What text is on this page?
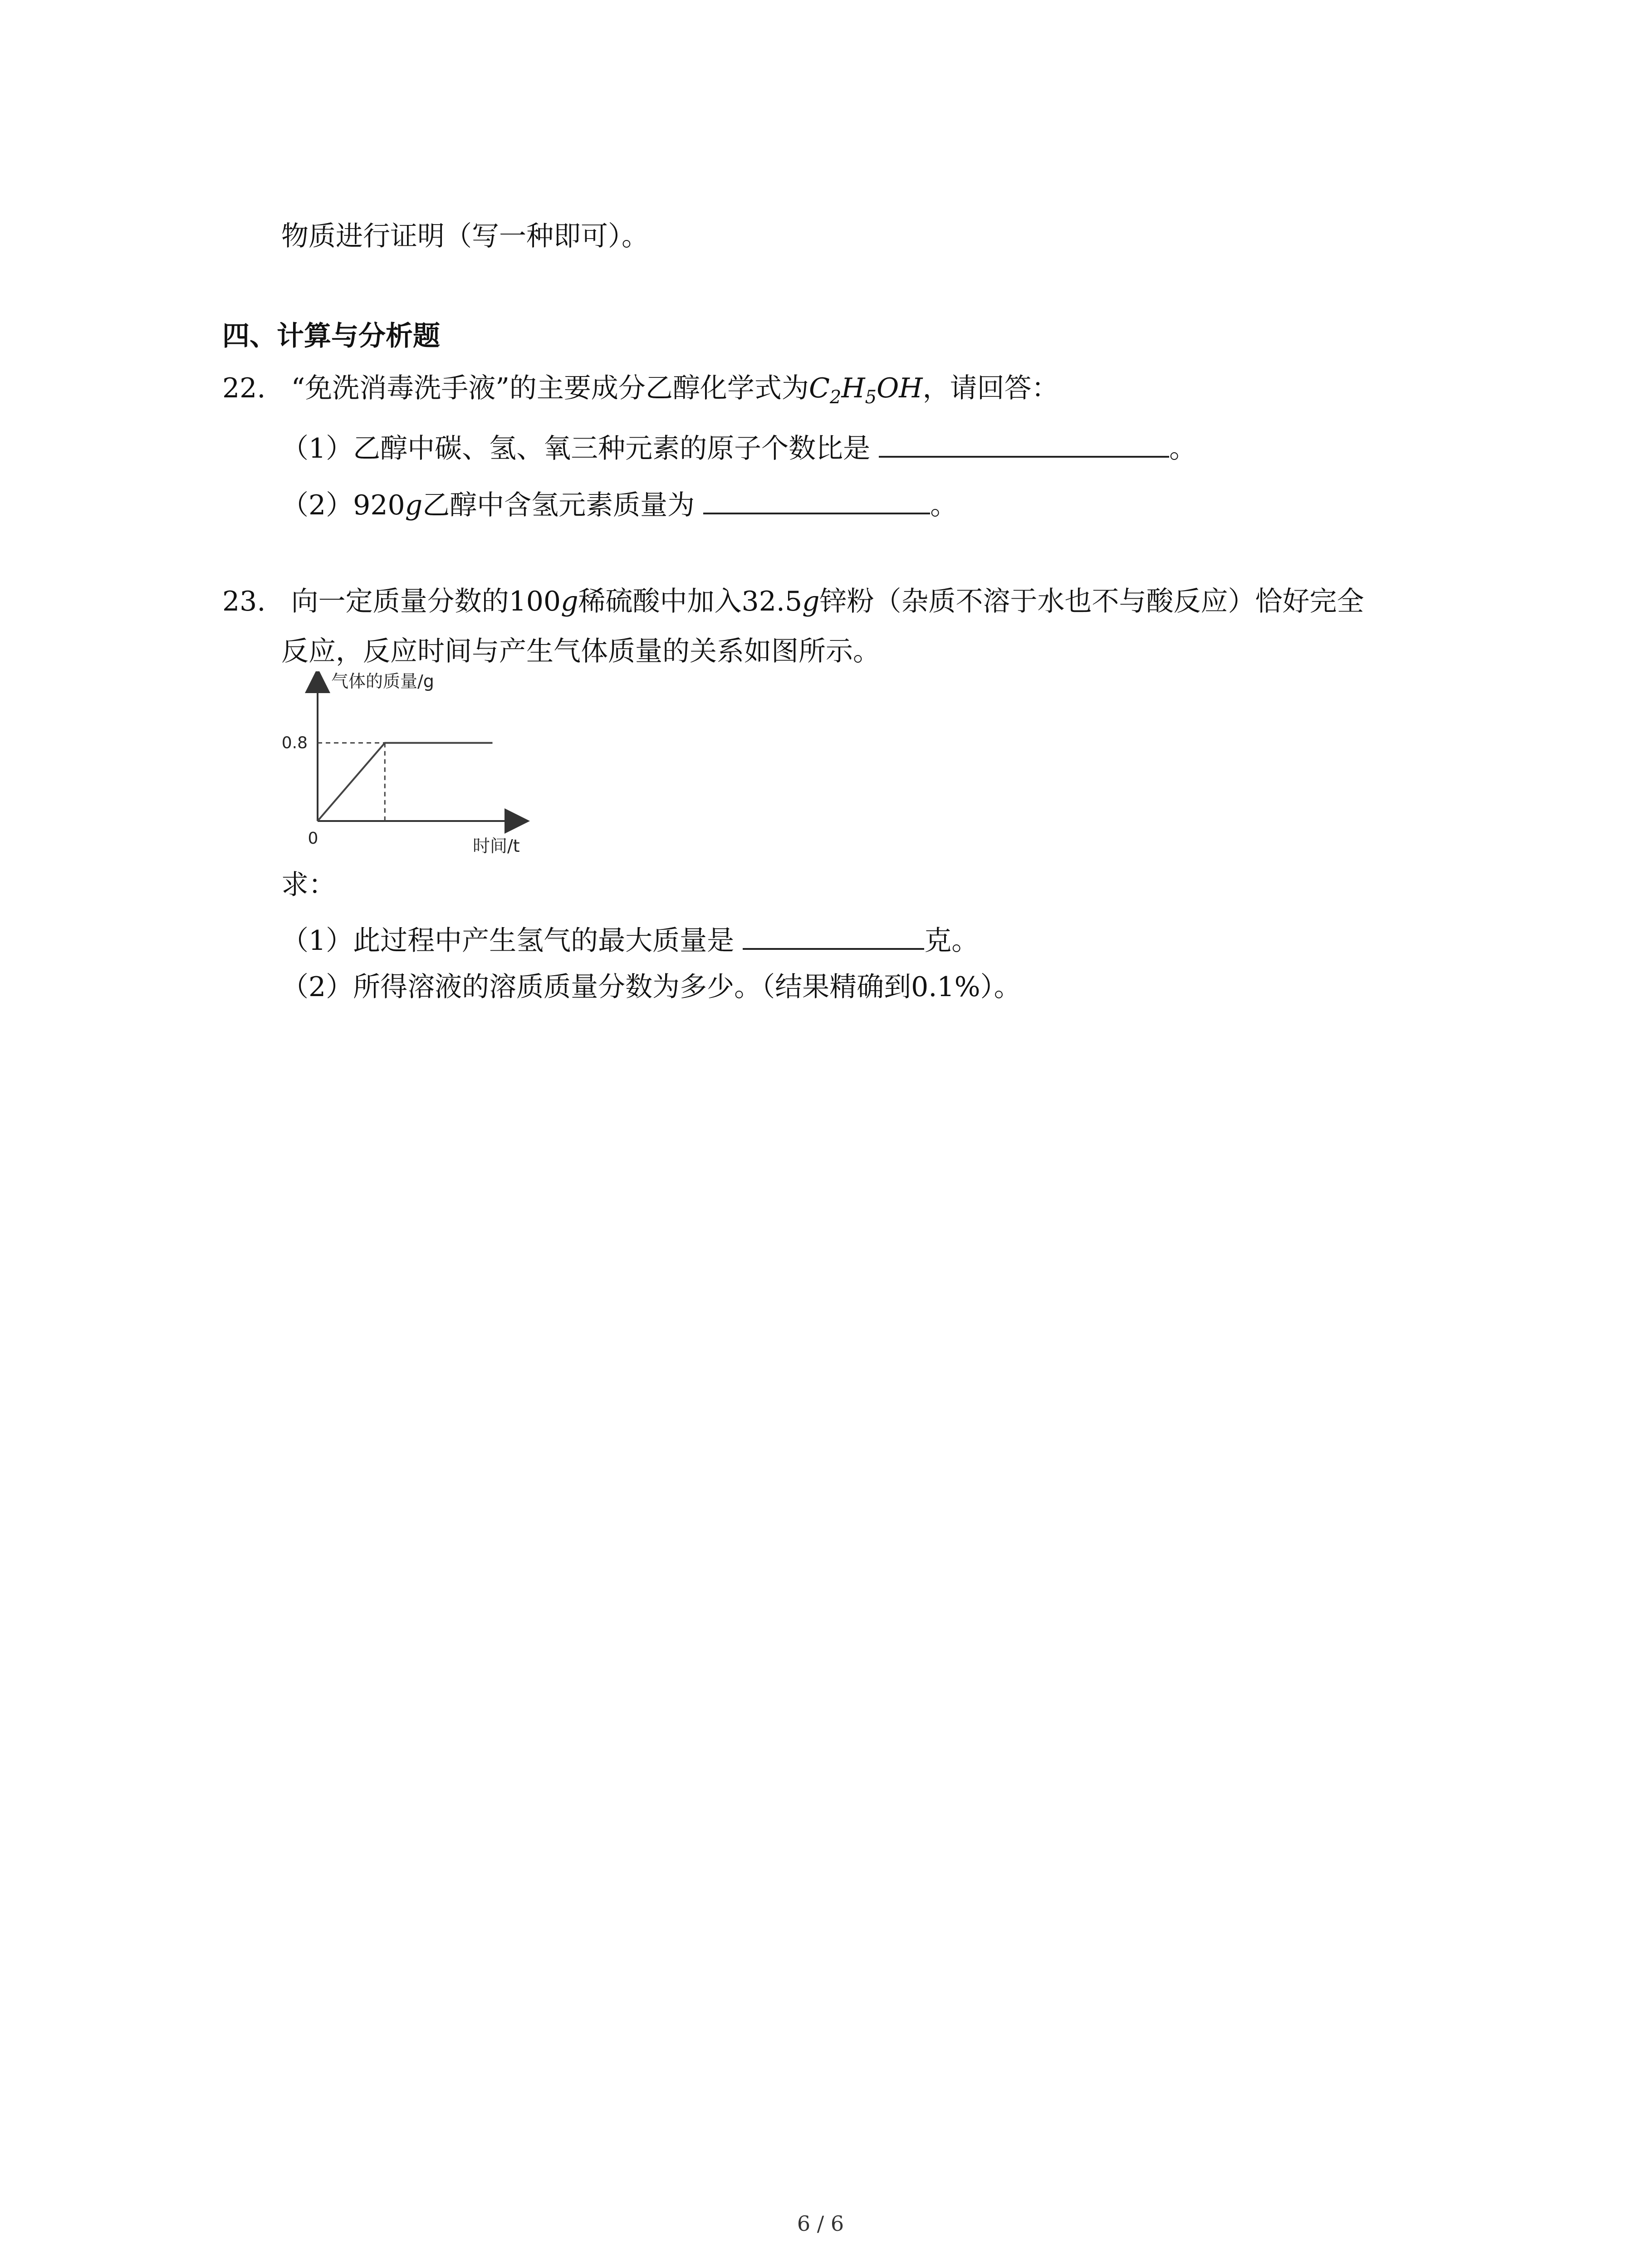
物质进行证明（写一种即可）。
四、计算与分析题
22. “免洗消毒洗手液”的主要成分乙醇化学式为$C_2H_5OH$，请回答：
（1）乙醇中碳、氢、氧三种元素的原子个数比是	。
（2）920g乙醇中含氢元素质量为	。
23. 向一定质量分数的100g稀硫酸中加入32.5g锌粉（杂质不溶于水也不与酸反应）恰好完全
反应，反应时间与产生气体质量的关系如图所示。
气体的质量/g
时间/t
0
0.8
求：
（1）此过程中产生氢气的最大质量是	克。
（2）所得溶液的溶质质量分数为多少。（结果精确到0.1%）。
6 / 6
